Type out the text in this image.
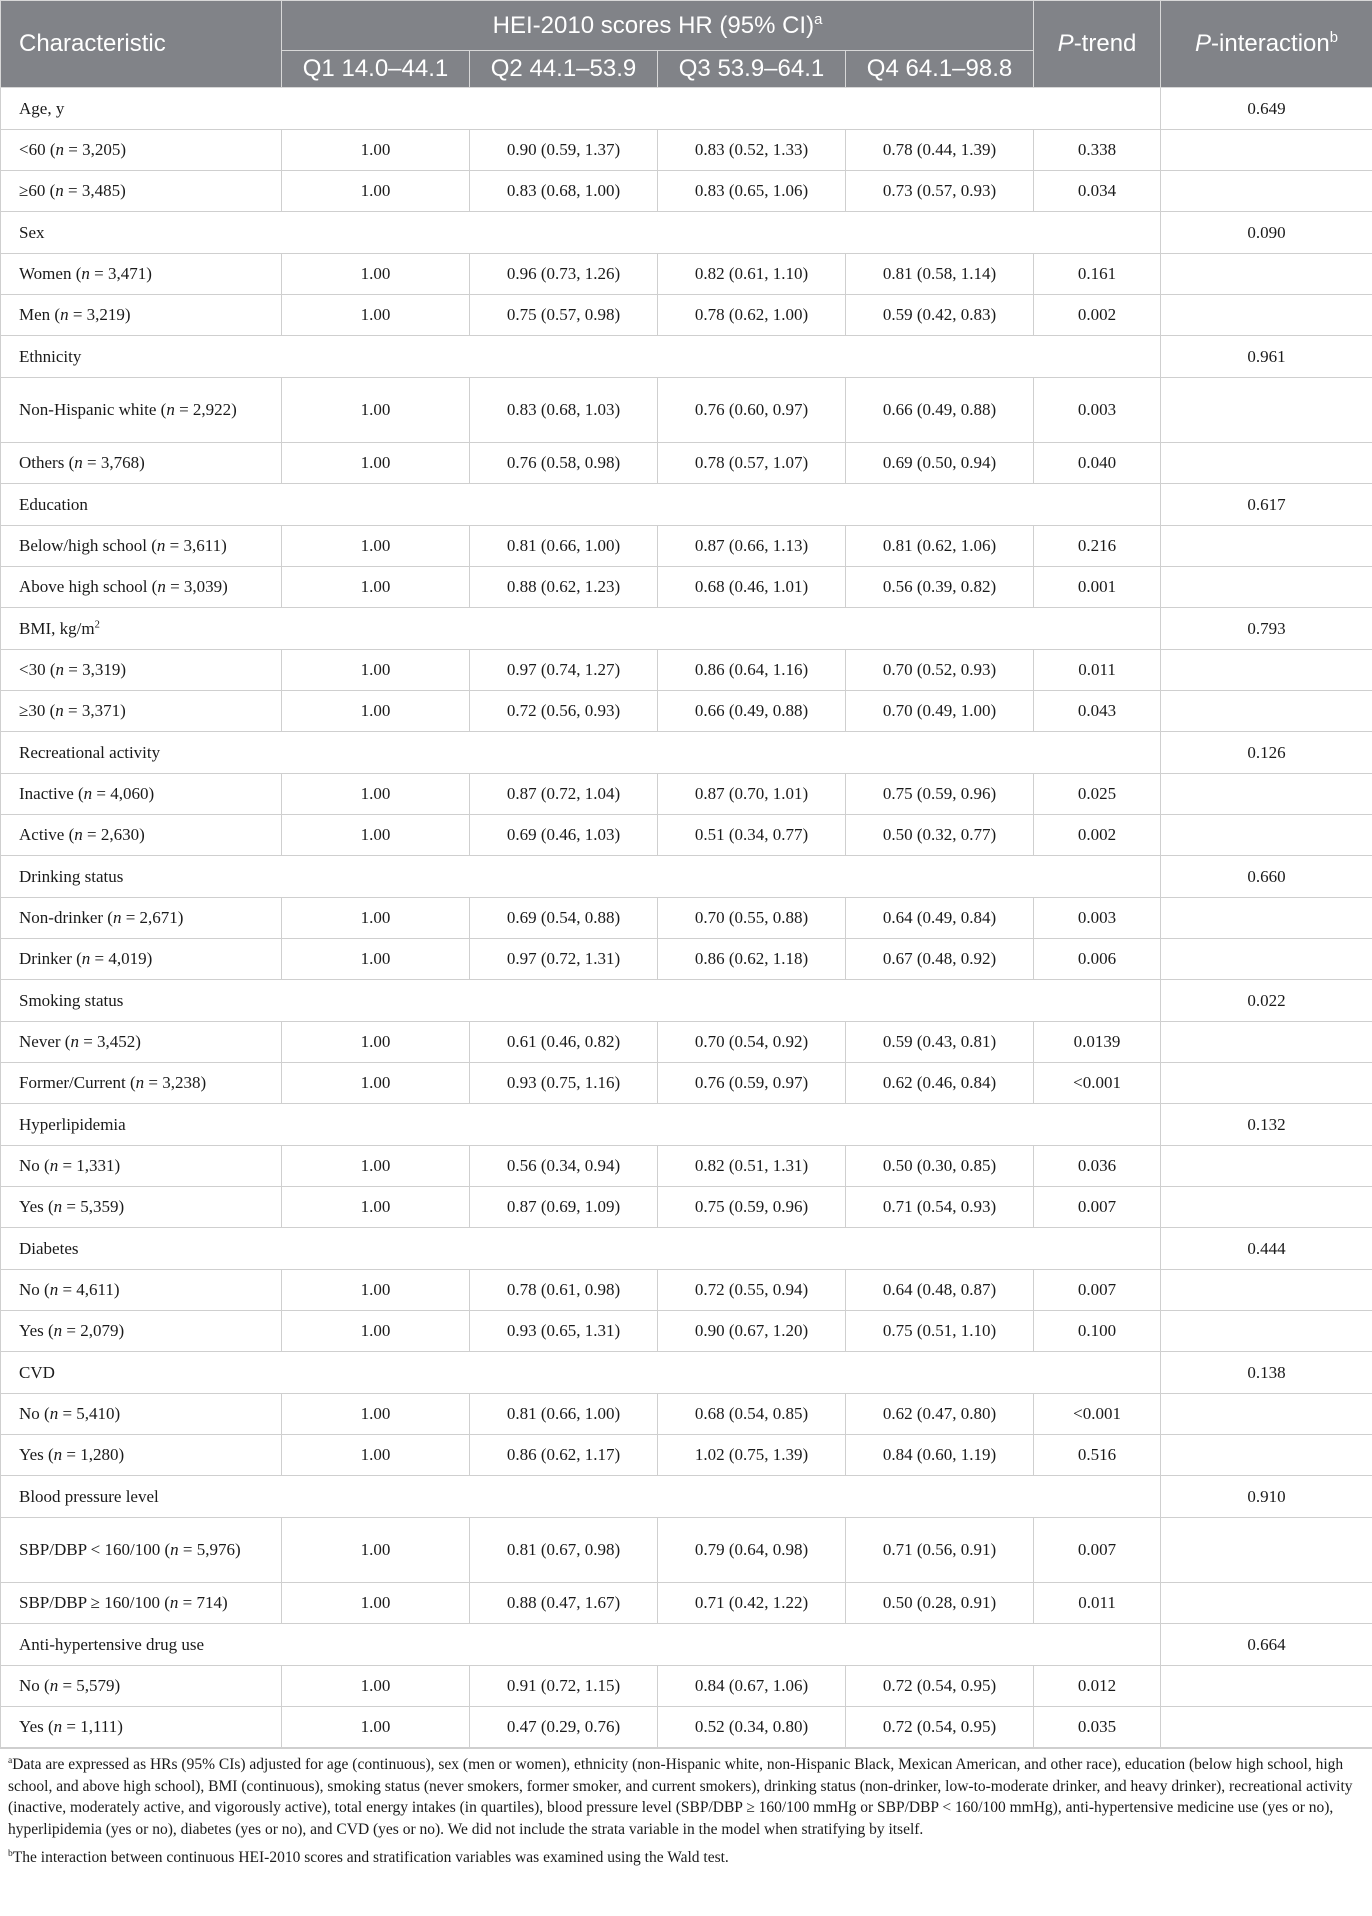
Characteristic	HEI-2010 scores HR (95% CI)$^a$				P-trend	P-interaction$^b$
	Q1 14.0–44.1	Q2 44.1–53.9	Q3 53.9–64.1	Q4 64.1–98.8		
Age, y						0.649
<60 (n = 3,205)	1.00	0.90 (0.59, 1.37)	0.83 (0.52, 1.33)	0.78 (0.44, 1.39)	0.338	
≥60 (n = 3,485)	1.00	0.83 (0.68, 1.00)	0.83 (0.65, 1.06)	0.73 (0.57, 0.93)	0.034	
Sex						0.090
Women (n = 3,471)	1.00	0.96 (0.73, 1.26)	0.82 (0.61, 1.10)	0.81 (0.58, 1.14)	0.161	
Men (n = 3,219)	1.00	0.75 (0.57, 0.98)	0.78 (0.62, 1.00)	0.59 (0.42, 0.83)	0.002	
Ethnicity						0.961
Non-Hispanic white (n = 2,922)	1.00	0.83 (0.68, 1.03)	0.76 (0.60, 0.97)	0.66 (0.49, 0.88)	0.003	
Others (n = 3,768)	1.00	0.76 (0.58, 0.98)	0.78 (0.57, 1.07)	0.69 (0.50, 0.94)	0.040	
Education						0.617
Below/high school (n = 3,611)	1.00	0.81 (0.66, 1.00)	0.87 (0.66, 1.13)	0.81 (0.62, 1.06)	0.216	
Above high school (n = 3,039)	1.00	0.88 (0.62, 1.23)	0.68 (0.46, 1.01)	0.56 (0.39, 0.82)	0.001	
BMI, $kg/m^2$						0.793
<30 (n = 3,319)	1.00	0.97 (0.74, 1.27)	0.86 (0.64, 1.16)	0.70 (0.52, 0.93)	0.011	
≥30 (n = 3,371)	1.00	0.72 (0.56, 0.93)	0.66 (0.49, 0.88)	0.70 (0.49, 1.00)	0.043	
Recreational activity						0.126
Inactive (n = 4,060)	1.00	0.87 (0.72, 1.04)	0.87 (0.70, 1.01)	0.75 (0.59, 0.96)	0.025	
Active (n = 2,630)	1.00	0.69 (0.46, 1.03)	0.51 (0.34, 0.77)	0.50 (0.32, 0.77)	0.002	
Drinking status						0.660
Non-drinker (n = 2,671)	1.00	0.69 (0.54, 0.88)	0.70 (0.55, 0.88)	0.64 (0.49, 0.84)	0.003	
Drinker (n = 4,019)	1.00	0.97 (0.72, 1.31)	0.86 (0.62, 1.18)	0.67 (0.48, 0.92)	0.006	
Smoking status						0.022
Never (n = 3,452)	1.00	0.61 (0.46, 0.82)	0.70 (0.54, 0.92)	0.59 (0.43, 0.81)	0.0139	
Former/Current (n = 3,238)	1.00	0.93 (0.75, 1.16)	0.76 (0.59, 0.97)	0.62 (0.46, 0.84)	<0.001	
Hyperlipidemia						0.132
No (n = 1,331)	1.00	0.56 (0.34, 0.94)	0.82 (0.51, 1.31)	0.50 (0.30, 0.85)	0.036	
Yes (n = 5,359)	1.00	0.87 (0.69, 1.09)	0.75 (0.59, 0.96)	0.71 (0.54, 0.93)	0.007	
Diabetes						0.444
No (n = 4,611)	1.00	0.78 (0.61, 0.98)	0.72 (0.55, 0.94)	0.64 (0.48, 0.87)	0.007	
Yes (n = 2,079)	1.00	0.93 (0.65, 1.31)	0.90 (0.67, 1.20)	0.75 (0.51, 1.10)	0.100	
CVD						0.138
No (n = 5,410)	1.00	0.81 (0.66, 1.00)	0.68 (0.54, 0.85)	0.62 (0.47, 0.80)	<0.001	
Yes (n = 1,280)	1.00	0.86 (0.62, 1.17)	1.02 (0.75, 1.39)	0.84 (0.60, 1.19)	0.516	
Blood pressure level						0.910
SBP/DBP < 160/100 (n = 5,976)	1.00	0.81 (0.67, 0.98)	0.79 (0.64, 0.98)	0.71 (0.56, 0.91)	0.007	
SBP/DBP ≥ 160/100 (n = 714)	1.00	0.88 (0.47, 1.67)	0.71 (0.42, 1.22)	0.50 (0.28, 0.91)	0.011	
Anti-hypertensive drug use						0.664
No (n = 5,579)	1.00	0.91 (0.72, 1.15)	0.84 (0.67, 1.06)	0.72 (0.54, 0.95)	0.012	
Yes (n = 1,111)	1.00	0.47 (0.29, 0.76)	0.52 (0.34, 0.80)	0.72 (0.54, 0.95)	0.035	

$^a$Data are expressed as HRs (95% CIs) adjusted for age (continuous), sex (men or women), ethnicity (non-Hispanic white, non-Hispanic Black, Mexican American, and other race), education (below high school, high school, and above high school), BMI (continuous), smoking status (never smokers, former smoker, and current smokers), drinking status (non-drinker, low-to-moderate drinker, and heavy drinker), recreational activity (inactive, moderately active, and vigorously active), total energy intakes (in quartiles), blood pressure level (SBP/DBP ≥ 160/100 mmHg or SBP/DBP < 160/100 mmHg), anti-hypertensive medicine use (yes or no), hyperlipidemia (yes or no), diabetes (yes or no), and CVD (yes or no). We did not include the strata variable in the model when stratifying by itself.

$^b$The interaction between continuous HEI-2010 scores and stratification variables was examined using the Wald test.
